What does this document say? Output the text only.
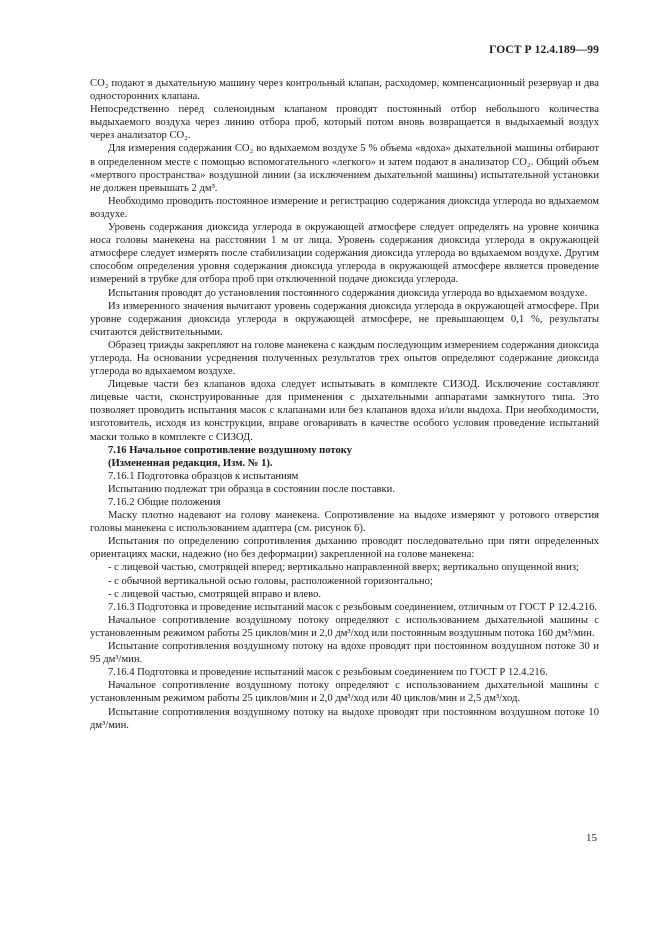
ГОСТ Р 12.4.189—99

CO₂ подают в дыхательную машину через контрольный клапан, расходомер, компенсационный резервуар и два односторонних клапана.

Непосредственно перед соленоидным клапаном проводят постоянный отбор небольшого количества выдыхаемого воздуха через линию отбора проб, который потом вновь возвращается в выдыхаемый воздух через анализатор CO₂.

Для измерения содержания CO₂ во вдыхаемом воздухе 5 % объема «вдоха» дыхательной машины отбирают в определенном месте с помощью вспомогательного «легкого» и затем подают в анализатор CO₂. Общий объем «мертвого пространства» воздушной линии (за исключением дыхательной машины) испытательной установки не должен превышать 2 дм³.

Необходимо проводить постоянное измерение и регистрацию содержания диоксида углерода во вдыхаемом воздухе.

Уровень содержания диоксида углерода в окружающей атмосфере следует определять на уровне кончика носа головы манекена на расстоянии 1 м от лица. Уровень содержания диоксида углерода в окружающей атмосфере следует измерять после стабилизации содержания диоксида углерода во вдыхаемом воздухе. Другим способом определения уровня содержания диоксида углерода в окружающей атмосфере является проведение измерений в трубке для отбора проб при отключенной подаче диоксида углерода.

Испытания проводят до установления постоянного содержания диоксида углерода во вдыхаемом воздухе.

Из измеренного значения вычитают уровень содержания диоксида углерода в окружающей атмосфере. При уровне содержания диоксида углерода в окружающей атмосфере, не превышающем 0,1 %, результаты считаются действительными.

Образец трижды закрепляют на голове манекена с каждым последующим измерением содержания диоксида углерода. На основании усреднения полученных результатов трех опытов определяют содержание диоксида углерода во вдыхаемом воздухе.

Лицевые части без клапанов вдоха следует испытывать в комплекте СИЗОД. Исключение составляют лицевые части, сконструированные для применения с дыхательными аппаратами замкнутого типа. Это позволяет проводить испытания масок с клапанами или без клапанов вдоха и/или выдоха. При необходимости, изготовитель, исходя из конструкции, вправе оговаривать в качестве особого условия проведение испытаний маски только в комплекте с СИЗОД.

7.16 Начальное сопротивление воздушному потоку

(Измененная редакция, Изм. № 1).

7.16.1 Подготовка образцов к испытаниям

Испытанию подлежат три образца в состоянии после поставки.

7.16.2 Общие положения

Маску плотно надевают на голову манекена. Сопротивление на выдохе измеряют у ротового отверстия головы манекена с использованием адаптера (см. рисунок 6).

Испытания по определению сопротивления дыханию проводят последовательно при пяти определенных ориентациях маски, надежно (но без деформации) закрепленной на голове манекена:

- с лицевой частью, смотрящей вперед; вертикально направленной вверх; вертикально опущенной вниз;

- с обычной вертикальной осью головы, расположенной горизонтально;

- с лицевой частью, смотрящей вправо и влево.

7.16.3 Подготовка и проведение испытаний масок с резьбовым соединением, отличным от ГОСТ Р 12.4.216.

Начальное сопротивление воздушному потоку определяют с использованием дыхательной машины с установленным режимом работы 25 циклов/мин и 2,0 дм³/ход или постоянным воздушным потока 160 дм³/мин.

Испытание сопротивления воздушному потоку на вдохе проводят при постоянном воздушном потоке 30 и 95 дм³/мин.

7.16.4 Подготовка и проведение испытаний масок с резьбовым соединением по ГОСТ Р 12.4.216.

Начальное сопротивление воздушному потоку определяют с использованием дыхательной машины с установленным режимом работы 25 циклов/мин и 2,0 дм³/ход или 40 циклов/мин и 2,5 дм³/ход.

Испытание сопротивления воздушному потоку на выдохе проводят при постоянном воздушном потоке 10 дм³/мин.

15
